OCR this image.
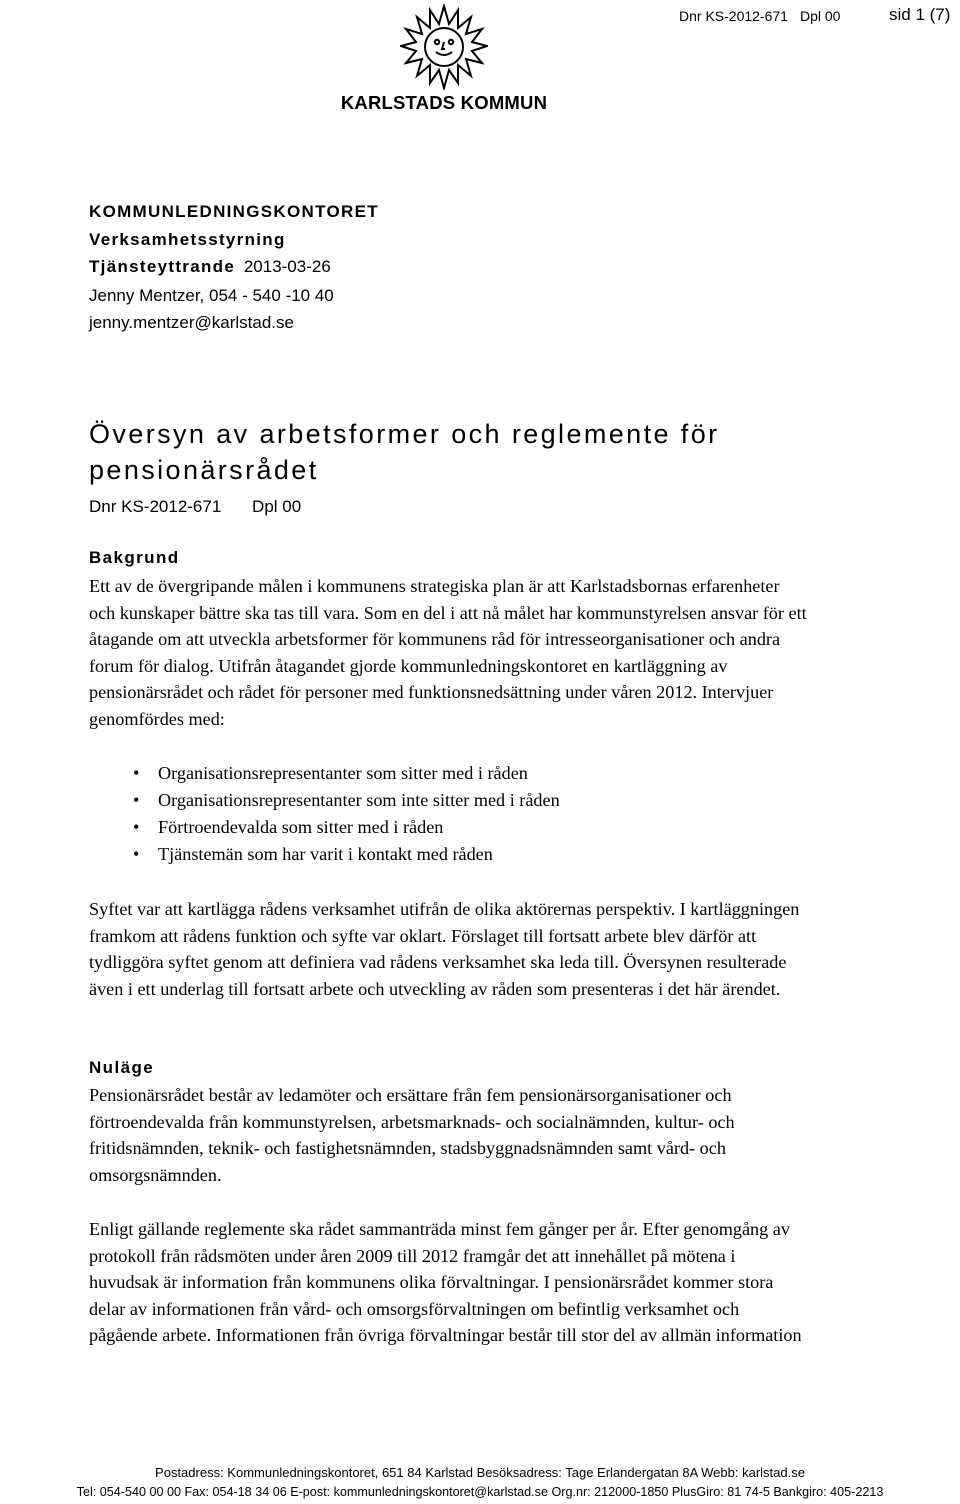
Dnr KS-2012-671 Dpl 00	sid 1 (7)
KARLSTADS KOMMUN
KOMMUNLEDNINGSKONTORET
Verksamhetsstyrning
Tjänsteyttrande 2013-03-26
Jenny Mentzer, 054 - 540 -10 40
jenny.mentzer@karlstad.se
Översyn av arbetsformer och reglemente för pensionärsrådet
Dnr KS-2012-671 Dpl 00
Bakgrund

Ett av de övergripande målen i kommunens strategiska plan är att Karlstadsbornas erfarenheter och kunskaper bättre ska tas till vara. Som en del i att nå målet har kommunstyrelsen ansvar för ett åtagande om att utveckla arbetsformer för kommunens råd för intresseorganisationer och andra forum för dialog. Utifrån åtagandet gjorde kommunledningskontoret en kartläggning av pensionärsrådet och rådet för personer med funktionsnedsättning under våren 2012. Intervjuer genomfördes med:

• Organisationsrepresentanter som sitter med i råden
• Organisationsrepresentanter som inte sitter med i råden
• Förtroendevalda som sitter med i råden
• Tjänstemän som har varit i kontakt med råden

Syftet var att kartlägga rådens verksamhet utifrån de olika aktörernas perspektiv. I kartläggningen framkom att rådens funktion och syfte var oklart. Förslaget till fortsatt arbete blev därför att tydliggöra syftet genom att definiera vad rådens verksamhet ska leda till. Översynen resulterade även i ett underlag till fortsatt arbete och utveckling av råden som presenteras i det här ärendet.

Nuläge

Pensionärsrådet består av ledamöter och ersättare från fem pensionärsorganisationer och förtroendevalda från kommunstyrelsen, arbetsmarknads- och socialnämnden, kultur- och fritidsnämnden, teknik- och fastighetsnämnden, stadsbyggnadsnämnden samt vård- och omsorgsnämnden.

Enligt gällande reglemente ska rådet sammanträda minst fem gånger per år. Efter genomgång av protokoll från rådsmöten under åren 2009 till 2012 framgår det att innehållet på mötena i huvudsak är information från kommunens olika förvaltningar. I pensionärsrådet kommer stora delar av informationen från vård- och omsorgsförvaltningen om befintlig verksamhet och pågående arbete. Informationen från övriga förvaltningar består till stor del av allmän information

Postadress: Kommunledningskontoret, 651 84 Karlstad Besöksadress: Tage Erlandergatan 8A Webb: karlstad.se
Tel: 054-540 00 00 Fax: 054-18 34 06 E-post: kommunledningskontoret@karlstad.se Org.nr: 212000-1850 PlusGiro: 81 74-5 Bankgiro: 405-2213
